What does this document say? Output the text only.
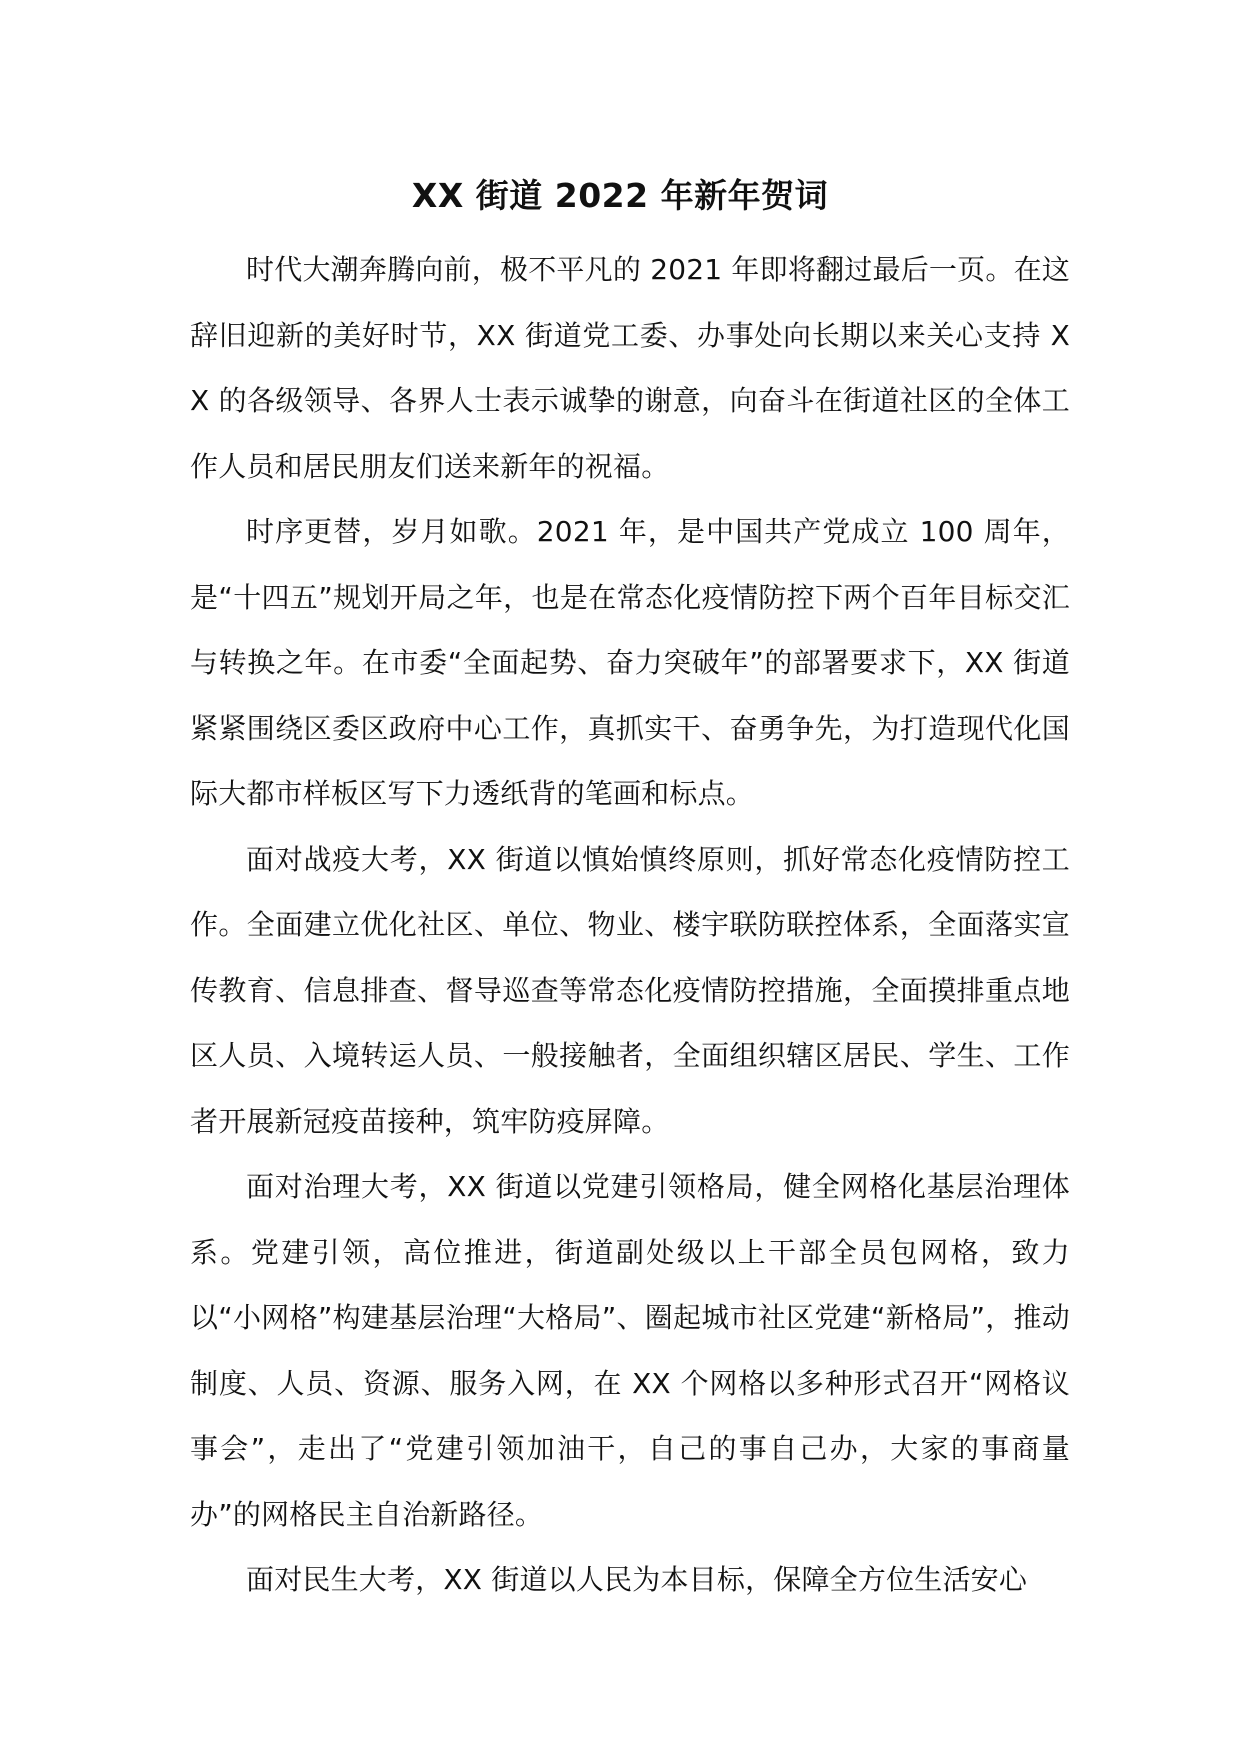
XX 街道 2022 年新年贺词

时代大潮奔腾向前，极不平凡的 2021 年即将翻过最后一页。在这辞旧迎新的美好时节，XX 街道党工委、办事处向长期以来关心支持 XX 的各级领导、各界人士表示诚挚的谢意，向奋斗在街道社区的全体工作人员和居民朋友们送来新年的祝福。

时序更替，岁月如歌。2021 年，是中国共产党成立 100 周年，是“十四五”规划开局之年，也是在常态化疫情防控下两个百年目标交汇与转换之年。在市委“全面起势、奋力突破年”的部署要求下，XX 街道紧紧围绕区委区政府中心工作，真抓实干、奋勇争先，为打造现代化国际大都市样板区写下力透纸背的笔画和标点。

面对战疫大考，XX 街道以慎始慎终原则，抓好常态化疫情防控工作。全面建立优化社区、单位、物业、楼宇联防联控体系，全面落实宣传教育、信息排查、督导巡查等常态化疫情防控措施，全面摸排重点地区人员、入境转运人员、一般接触者，全面组织辖区居民、学生、工作者开展新冠疫苗接种，筑牢防疫屏障。

面对治理大考，XX 街道以党建引领格局，健全网格化基层治理体系。党建引领，高位推进，街道副处级以上干部全员包网格，致力以“小网格”构建基层治理“大格局”、圈起城市社区党建“新格局”，推动制度、人员、资源、服务入网，在 XX 个网格以多种形式召开“网格议事会”，走出了“党建引领加油干，自己的事自己办，大家的事商量办”的网格民主自治新路径。

面对民生大考，XX 街道以人民为本目标，保障全方位生活安心
